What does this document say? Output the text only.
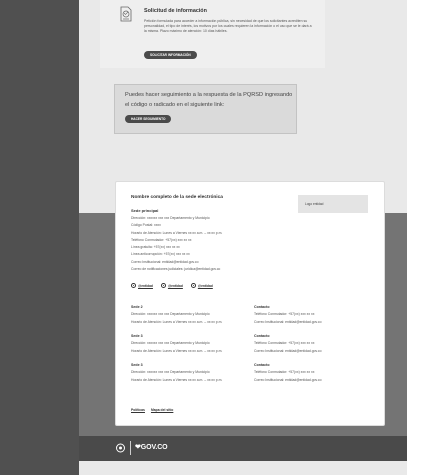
Solicitud de información
Petición formulada para acceder a información pública, sin necesidad de que los solicitantes acrediten su personalidad, el tipo de interés, los motivos por los cuales requieren la información o el uso que se le dará a la misma. Plazo máximo de atención: 10 días hábiles.
SOLICITAR INFORMACIÓN
Puedes hacer seguimiento a la respuesta de la PQRSD ingresando el código o radicado en el siguiente link:
HACER SEGUIMIENTO
Nombre completo de la sede electrónica
Logo entidad
Sede principal
Dirección: xxxxxx xxx xxx Departamento y Municipio
Código Postal: xxxx
Horario de Atención: Lunes a Viernes xx:xx a.m. – xx:xx p.m.
Teléfono Conmutador: +57(xx) xxx xx xx
Línea gratuita: +57(xx) xxx xx xx
Línea anticorrupción: +57(xx) xxx xx xx
Correo Institucional: entidad@entidad.gov.co
Correo de notificaciones judiciales: juridica@entidad.gov.co
@entidad	@entidad	@entidad
Sede 2
Dirección: xxxxxx xxx xxx Departamento y Municipio
Horario de Atención: Lunes a Viernes xx:xx a.m. – xx:xx p.m.
Contacto
Teléfono Conmutador: +57(xx) xxx xx xx
Correo Institucional: entidad@entidad.gov.co
Sede 3
Dirección: xxxxxx xxx xxx Departamento y Municipio
Horario de Atención: Lunes a Viernes xx:xx a.m. – xx:xx p.m.
Contacto
Teléfono Conmutador: +57(xx) xxx xx xx
Correo Institucional: entidad@entidad.gov.co
Sede 3
Dirección: xxxxxx xxx xxx Departamento y Municipio
Horario de Atención: Lunes a Viernes xx:xx a.m. – xx:xx p.m.
Contacto
Teléfono Conmutador: +57(xx) xxx xx xx
Correo Institucional: entidad@entidad.gov.co
Políticas Mapa del sitio
❤GOV.CO
